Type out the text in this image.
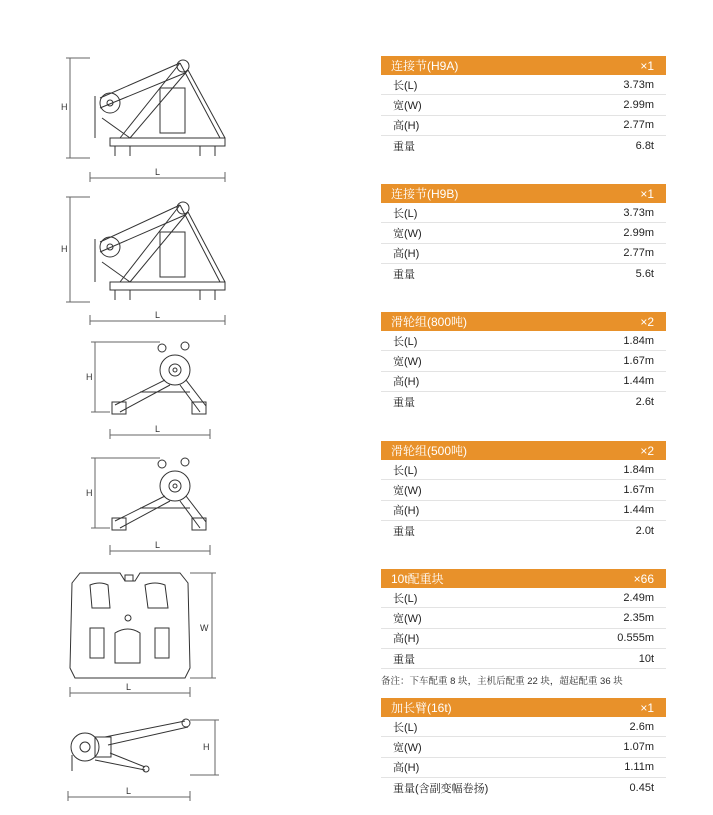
H
L
H
L
H
L
H
L
W
L
H
L
连接节(H9A)	×1
长(L)	3.73m
宽(W)	2.99m
高(H)	2.77m
重量	6.8t
连接节(H9B)	×1
长(L)	3.73m
宽(W)	2.99m
高(H)	2.77m
重量	5.6t
滑轮组(800吨)	×2
长(L)	1.84m
宽(W)	1.67m
高(H)	1.44m
重量	2.6t
滑轮组(500吨)	×2
长(L)	1.84m
宽(W)	1.67m
高(H)	1.44m
重量	2.0t
10t配重块	×66
长(L)	2.49m
宽(W)	2.35m
高(H)	0.555m
重量	10t
备注：下车配重 8 块，主机后配重 22 块，超起配重 36 块
加长臂(16t)	×1
长(L)	2.6m
宽(W)	1.07m
高(H)	1.11m
重量(含副变幅卷扬)	0.45t
